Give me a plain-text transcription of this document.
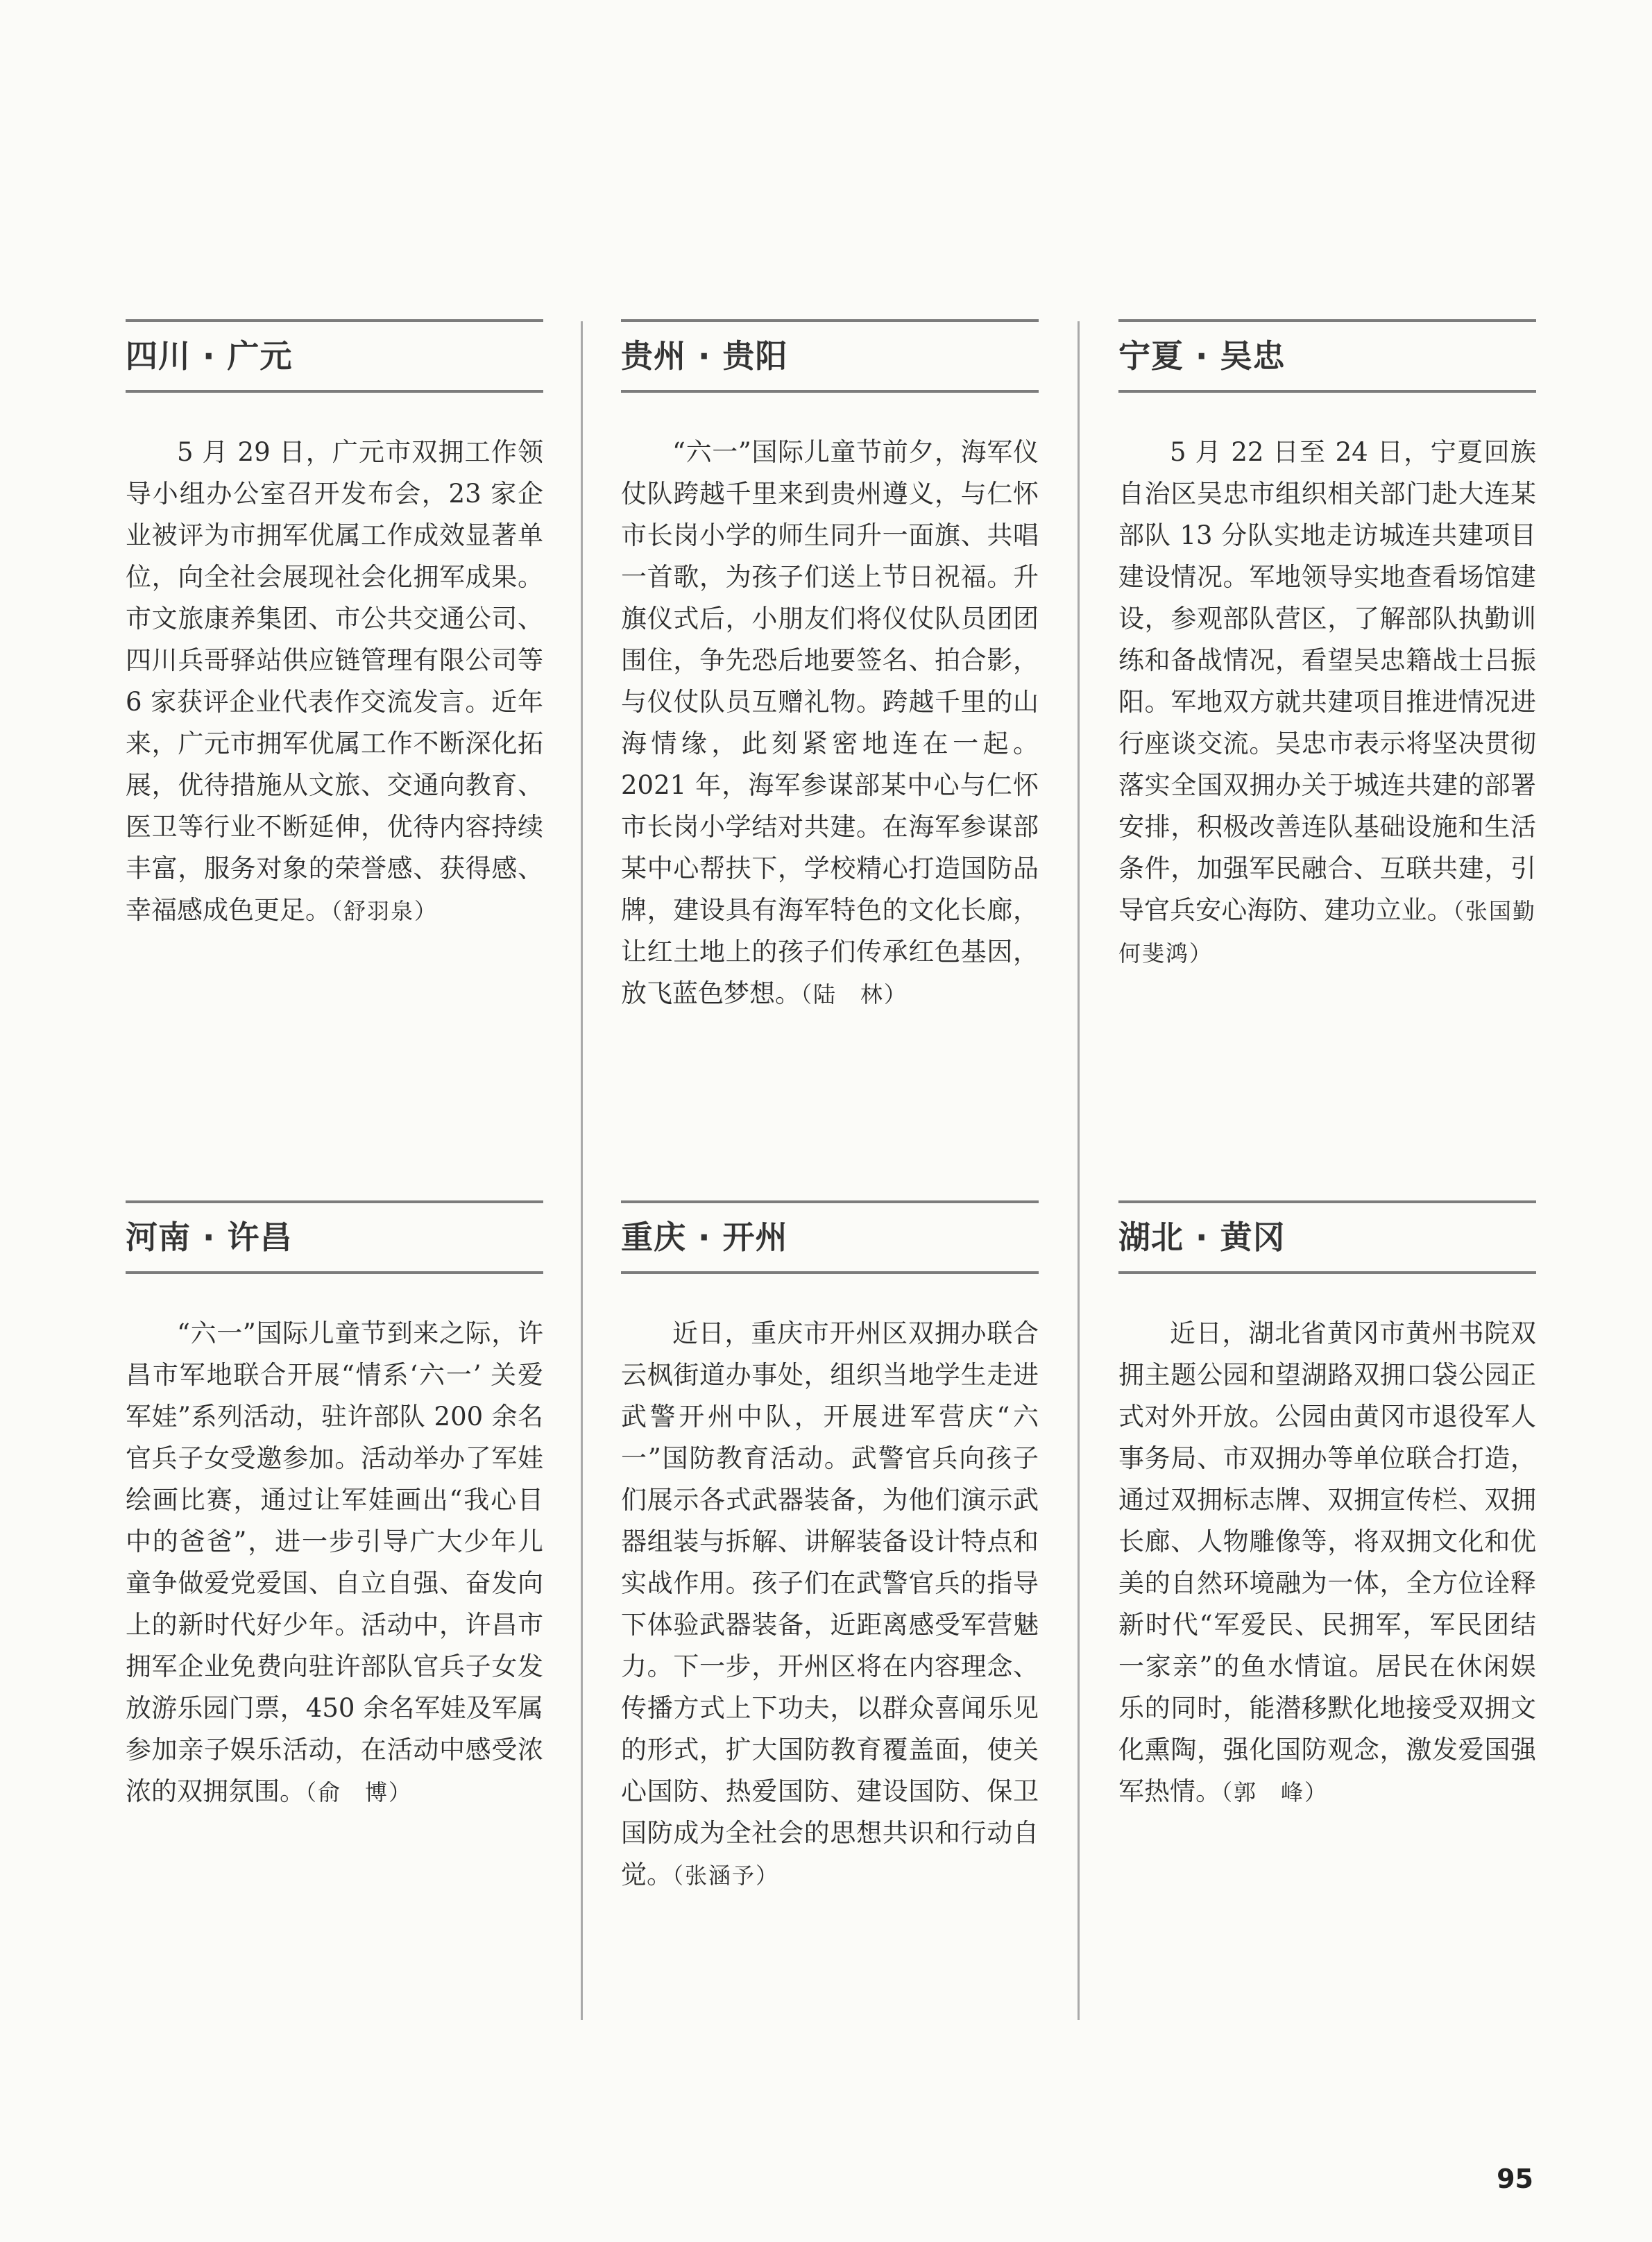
四川 · 广元
5 月 29 日，广元市双拥工作领导小组办公室召开发布会，23 家企业被评为市拥军优属工作成效显著单位，向全社会展现社会化拥军成果。市文旅康养集团、市公共交通公司、四川兵哥驿站供应链管理有限公司等 6 家获评企业代表作交流发言。近年来，广元市拥军优属工作不断深化拓展，优待措施从文旅、交通向教育、医卫等行业不断延伸，优待内容持续丰富，服务对象的荣誉感、获得感、幸福感成色更足。（舒羽泉）
贵州 · 贵阳
“六一”国际儿童节前夕，海军仪仗队跨越千里来到贵州遵义，与仁怀市长岗小学的师生同升一面旗、共唱一首歌，为孩子们送上节日祝福。升旗仪式后，小朋友们将仪仗队员团团围住，争先恐后地要签名、拍合影，与仪仗队员互赠礼物。跨越千里的山海情缘，此刻紧密地连在一起。2021 年，海军参谋部某中心与仁怀市长岗小学结对共建。在海军参谋部某中心帮扶下，学校精心打造国防品牌，建设具有海军特色的文化长廊，让红土地上的孩子们传承红色基因，放飞蓝色梦想。（陆　林）
宁夏 · 吴忠
5 月 22 日至 24 日，宁夏回族自治区吴忠市组织相关部门赴大连某部队 13 分队实地走访城连共建项目建设情况。军地领导实地查看场馆建设，参观部队营区，了解部队执勤训练和备战情况，看望吴忠籍战士吕振阳。军地双方就共建项目推进情况进行座谈交流。吴忠市表示将坚决贯彻落实全国双拥办关于城连共建的部署安排，积极改善连队基础设施和生活条件，加强军民融合、互联共建，引导官兵安心海防、建功立业。（张国勤　何斐鸿）
河南 · 许昌
“六一”国际儿童节到来之际，许昌市军地联合开展“情系‘六一’ 关爱军娃”系列活动，驻许部队 200 余名官兵子女受邀参加。活动举办了军娃绘画比赛，通过让军娃画出“我心目中的爸爸”，进一步引导广大少年儿童争做爱党爱国、自立自强、奋发向上的新时代好少年。活动中，许昌市拥军企业免费向驻许部队官兵子女发放游乐园门票，450 余名军娃及军属参加亲子娱乐活动，在活动中感受浓浓的双拥氛围。（俞　博）
重庆 · 开州
近日，重庆市开州区双拥办联合云枫街道办事处，组织当地学生走进武警开州中队，开展进军营庆“六一”国防教育活动。武警官兵向孩子们展示各式武器装备，为他们演示武器组装与拆解、讲解装备设计特点和实战作用。孩子们在武警官兵的指导下体验武器装备，近距离感受军营魅力。下一步，开州区将在内容理念、传播方式上下功夫，以群众喜闻乐见的形式，扩大国防教育覆盖面，使关心国防、热爱国防、建设国防、保卫国防成为全社会的思想共识和行动自觉。（张涵予）
湖北 · 黄冈
近日，湖北省黄冈市黄州书院双拥主题公园和望湖路双拥口袋公园正式对外开放。公园由黄冈市退役军人事务局、市双拥办等单位联合打造，通过双拥标志牌、双拥宣传栏、双拥长廊、人物雕像等，将双拥文化和优美的自然环境融为一体，全方位诠释新时代“军爱民、民拥军，军民团结一家亲”的鱼水情谊。居民在休闲娱乐的同时，能潜移默化地接受双拥文化熏陶，强化国防观念，激发爱国强军热情。（郭　峰）
95
